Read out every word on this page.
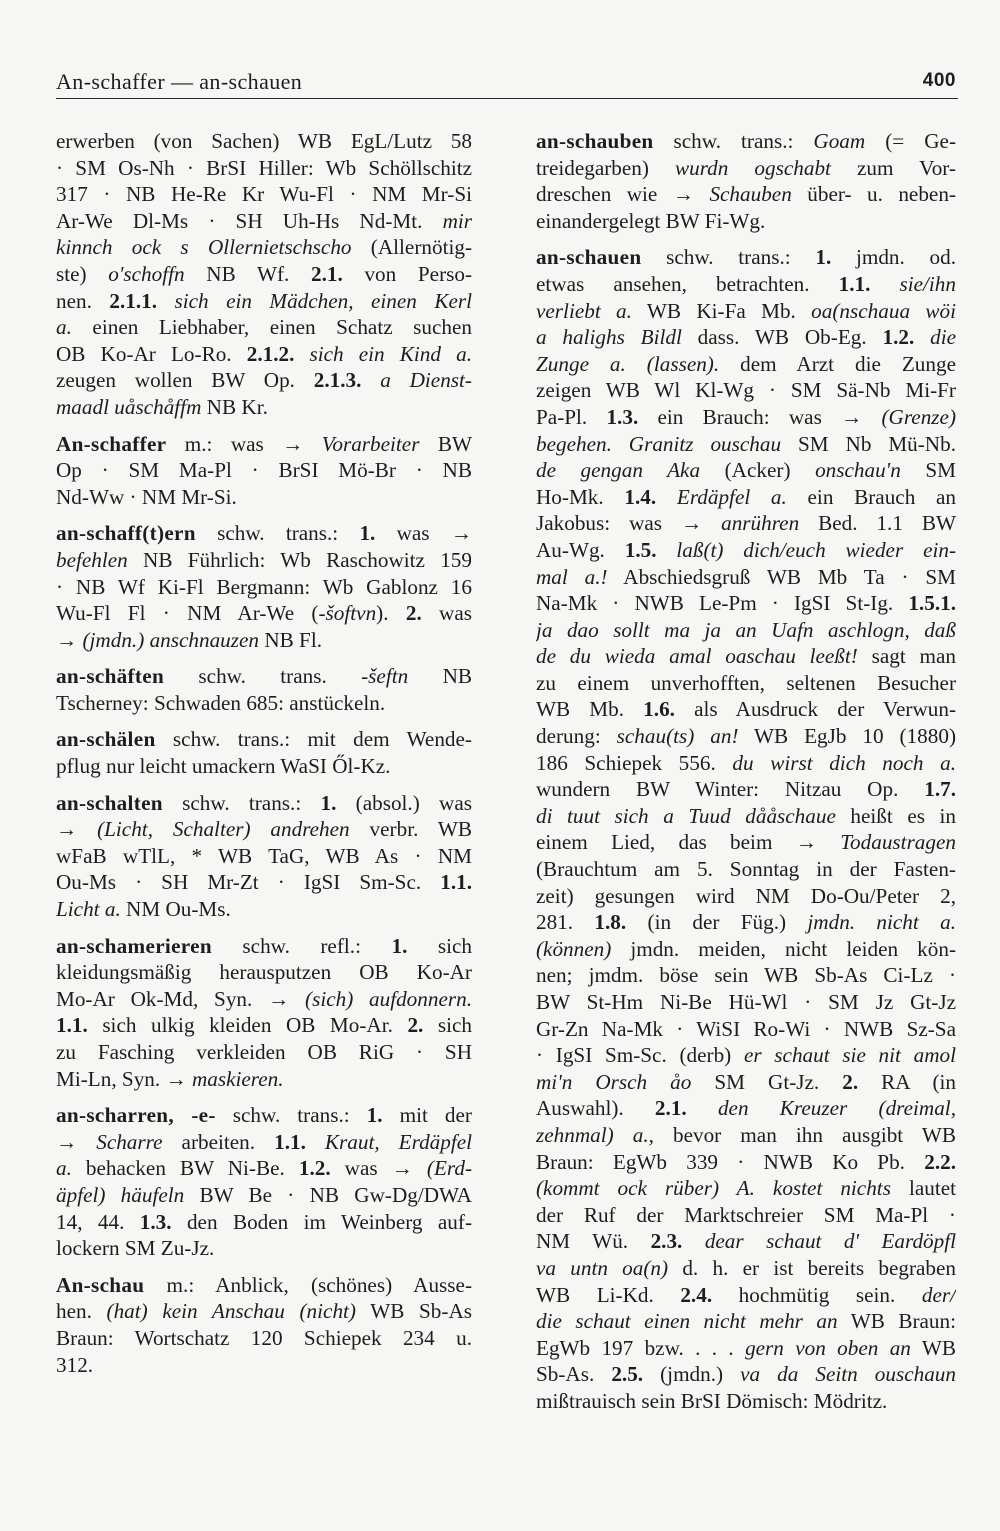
An-schaffer — an-schauen	400
erwerben (von Sachen) WB EgL/Lutz 58
· SM Os-Nh · BrSI Hiller: Wb Schöllschitz
317 · NB He-Re Kr Wu-Fl · NM Mr-Si
Ar-We Dl-Ms · SH Uh-Hs Nd-Mt. mir
kinnch ock s Ollernietschscho (Allernötig-
ste) o'schoffn NB Wf. 2.1. von Perso-
nen. 2.1.1. sich ein Mädchen, einen Kerl
a. einen Liebhaber, einen Schatz suchen
OB Ko-Ar Lo-Ro. 2.1.2. sich ein Kind a.
zeugen wollen BW Op. 2.1.3. a Dienst-
maadl uåschåffm NB Kr.
An-schaffer m.: was → Vorarbeiter BW
Op · SM Ma-Pl · BrSI Mö-Br · NB
Nd-Ww · NM Mr-Si.
an-schaff(t)ern schw. trans.: 1. was →
befehlen NB Führlich: Wb Raschowitz 159
· NB Wf Ki-Fl Bergmann: Wb Gablonz 16
Wu-Fl Fl · NM Ar-We (-šoftvn). 2. was
→ (jmdn.) anschnauzen NB Fl.
an-schäften schw. trans. -šeftn NB
Tscherney: Schwaden 685: anstückeln.
an-schälen schw. trans.: mit dem Wende-
pflug nur leicht umackern WaSI Ől-Kz.
an-schalten schw. trans.: 1. (absol.) was
→ (Licht, Schalter) andrehen verbr. WB
wFaB wTlL, * WB TaG, WB As · NM
Ou-Ms · SH Mr-Zt · IgSI Sm-Sc. 1.1.
Licht a. NM Ou-Ms.
an-schamerieren schw. refl.: 1. sich
kleidungsmäßig herausputzen OB Ko-Ar
Mo-Ar Ok-Md, Syn. → (sich) aufdonnern.
1.1. sich ulkig kleiden OB Mo-Ar. 2. sich
zu Fasching verkleiden OB RiG · SH
Mi-Ln, Syn. → maskieren.
an-scharren, -e- schw. trans.: 1. mit der
→ Scharre arbeiten. 1.1. Kraut, Erdäpfel
a. behacken BW Ni-Be. 1.2. was → (Erd-
äpfel) häufeln BW Be · NB Gw-Dg/DWA
14, 44. 1.3. den Boden im Weinberg auf-
lockern SM Zu-Jz.
An-schau m.: Anblick, (schönes) Ausse-
hen. (hat) kein Anschau (nicht) WB Sb-As
Braun: Wortschatz 120 Schiepek 234 u.
312.
an-schauben schw. trans.: Goam (= Ge-
treidegarben) wurdn ogschabt zum Vor-
dreschen wie → Schauben über- u. neben-
einandergelegt BW Fi-Wg.
an-schauen schw. trans.: 1. jmdn. od.
etwas ansehen, betrachten. 1.1. sie/ihn
verliebt a. WB Ki-Fa Mb. oa(nschaua wöi
a halighs Bildl dass. WB Ob-Eg. 1.2. die
Zunge a. (lassen). dem Arzt die Zunge
zeigen WB Wl Kl-Wg · SM Sä-Nb Mi-Fr
Pa-Pl. 1.3. ein Brauch: was → (Grenze)
begehen. Granitz ouschau SM Nb Mü-Nb.
de gengan Aka (Acker) onschau'n SM
Ho-Mk. 1.4. Erdäpfel a. ein Brauch an
Jakobus: was → anrühren Bed. 1.1 BW
Au-Wg. 1.5. laß(t) dich/euch wieder ein-
mal a.! Abschiedsgruß WB Mb Ta · SM
Na-Mk · NWB Le-Pm · IgSI St-Ig. 1.5.1.
ja dao sollt ma ja an Uafn aschlogn, daß
de du wieda amal oaschau leeßt! sagt man
zu einem unverhofften, seltenen Besucher
WB Mb. 1.6. als Ausdruck der Verwun-
derung: schau(ts) an! WB EgJb 10 (1880)
186 Schiepek 556. du wirst dich noch a.
wundern BW Winter: Nitzau Op. 1.7.
di tuut sich a Tuud dååschaue heißt es in
einem Lied, das beim → Todaustragen
(Brauchtum am 5. Sonntag in der Fasten-
zeit) gesungen wird NM Do-Ou/Peter 2,
281. 1.8. (in der Füg.) jmdn. nicht a.
(können) jmdn. meiden, nicht leiden kön-
nen; jmdm. böse sein WB Sb-As Ci-Lz ·
BW St-Hm Ni-Be Hü-Wl · SM Jz Gt-Jz
Gr-Zn Na-Mk · WiSI Ro-Wi · NWB Sz-Sa
· IgSI Sm-Sc. (derb) er schaut sie nit amol
mi'n Orsch åo SM Gt-Jz. 2. RA (in
Auswahl). 2.1. den Kreuzer (dreimal,
zehnmal) a., bevor man ihn ausgibt WB
Braun: EgWb 339 · NWB Ko Pb. 2.2.
(kommt ock rüber) A. kostet nichts lautet
der Ruf der Marktschreier SM Ma-Pl ·
NM Wü. 2.3. dear schaut d' Eardöpfl
va untn oa(n) d. h. er ist bereits begraben
WB Li-Kd. 2.4. hochmütig sein. der/
die schaut einen nicht mehr an WB Braun:
EgWb 197 bzw. . . . gern von oben an WB
Sb-As. 2.5. (jmdn.) va da Seitn ouschaun
mißtrauisch sein BrSI Dömisch: Mödritz.
